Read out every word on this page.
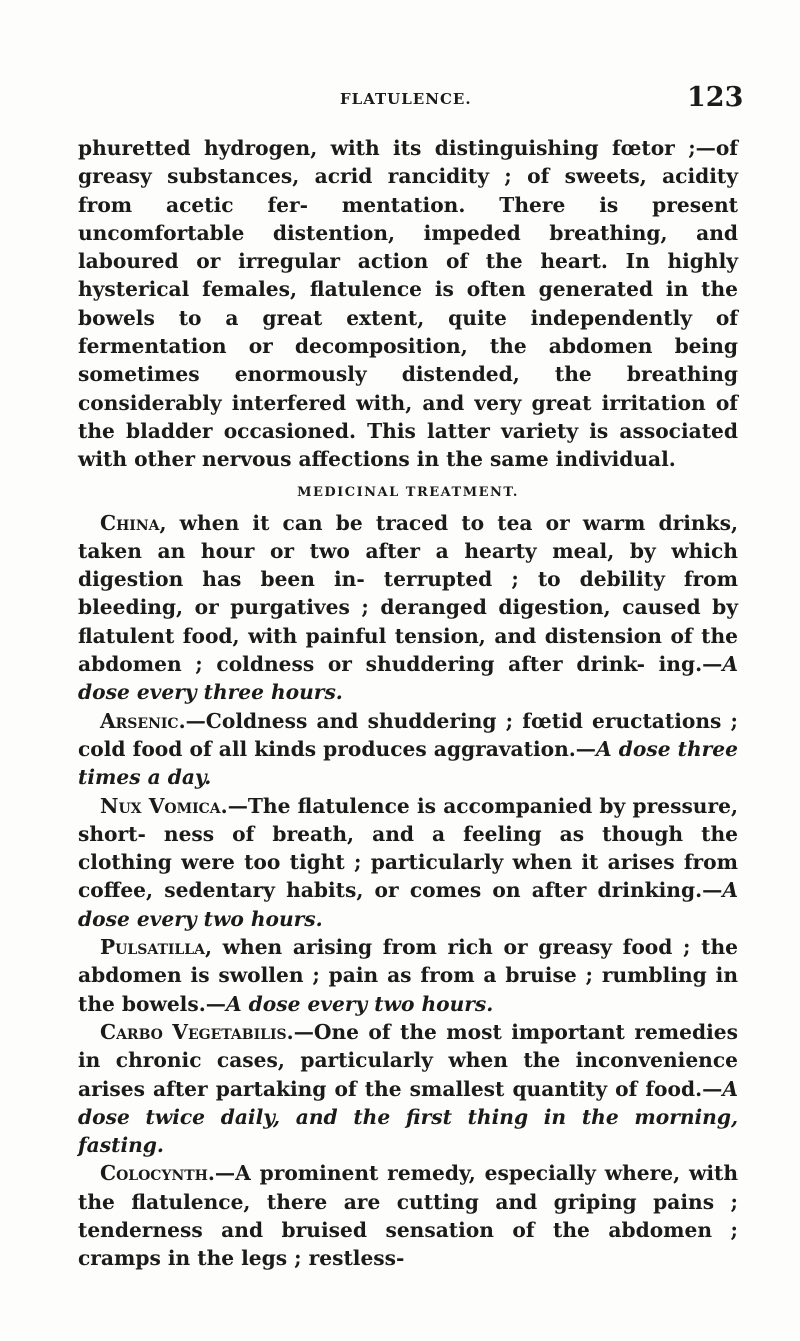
FLATULENCE.	123

phuretted hydrogen, with its distinguishing fœtor ;—of greasy substances, acrid rancidity ; of sweets, acidity from acetic fer- mentation. There is present uncomfortable distention, impeded breathing, and laboured or irregular action of the heart. In highly hysterical females, flatulence is often generated in the bowels to a great extent, quite independently of fermentation or decomposition, the abdomen being sometimes enormously distended, the breathing considerably interfered with, and very great irritation of the bladder occasioned. This latter variety is associated with other nervous affections in the same individual.

MEDICINAL TREATMENT.

China, when it can be traced to tea or warm drinks, taken an hour or two after a hearty meal, by which digestion has been in- terrupted ; to debility from bleeding, or purgatives ; deranged digestion, caused by flatulent food, with painful tension, and distension of the abdomen ; coldness or shuddering after drink- ing.—A dose every three hours.

Arsenic.—Coldness and shuddering ; fœtid eructations ; cold food of all kinds produces aggravation.—A dose three times a day.

Nux Vomica.—The flatulence is accompanied by pressure, short- ness of breath, and a feeling as though the clothing were too tight ; particularly when it arises from coffee, sedentary habits, or comes on after drinking.—A dose every two hours.

Pulsatilla, when arising from rich or greasy food ; the abdomen is swollen ; pain as from a bruise ; rumbling in the bowels.—A dose every two hours.

Carbo Vegetabilis.—One of the most important remedies in chronic cases, particularly when the inconvenience arises after partaking of the smallest quantity of food.—A dose twice daily, and the first thing in the morning, fasting.

Colocynth.—A prominent remedy, especially where, with the flatulence, there are cutting and griping pains ; tenderness and bruised sensation of the abdomen ; cramps in the legs ; restless-
